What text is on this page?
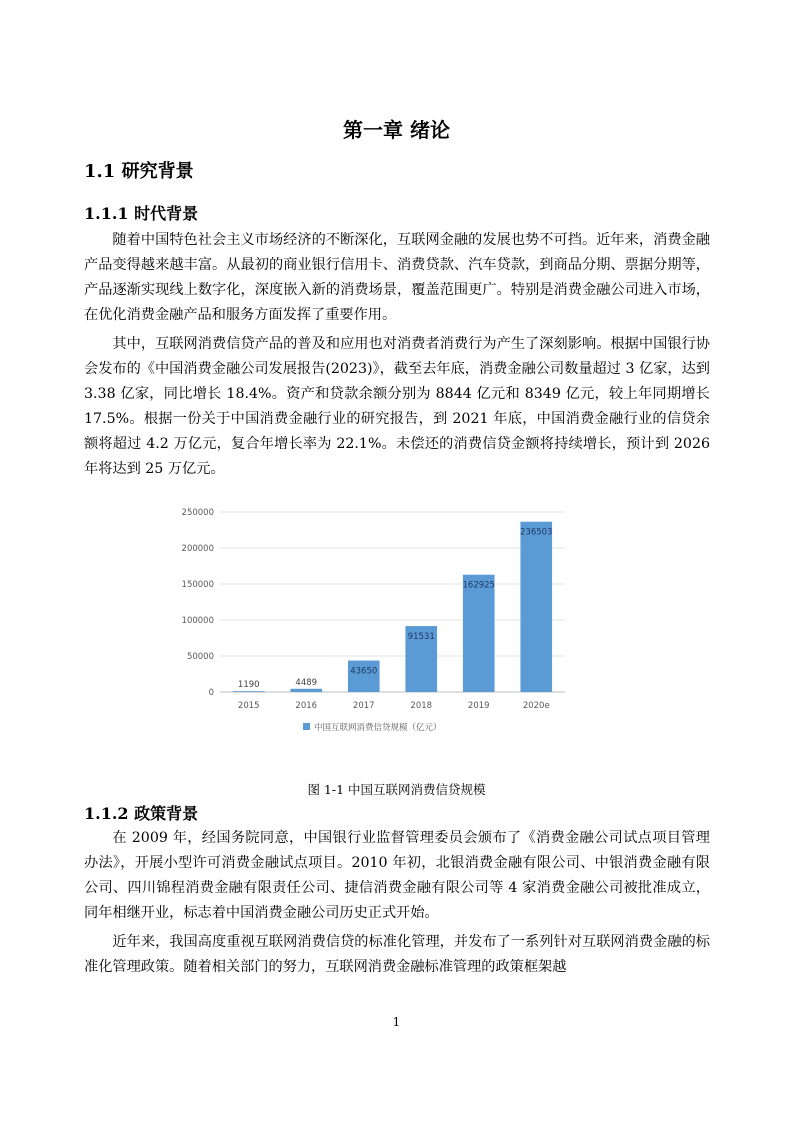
第一章 绪论
1.1 研究背景
1.1.1 时代背景

随着中国特色社会主义市场经济的不断深化，互联网金融的发展也势不可挡。近年来，消费金融产品变得越来越丰富。从最初的商业银行信用卡、消费贷款、汽车贷款，到商品分期、票据分期等，产品逐渐实现线上数字化，深度嵌入新的消费场景，覆盖范围更广。特别是消费金融公司进入市场，在优化消费金融产品和服务方面发挥了重要作用。

其中，互联网消费信贷产品的普及和应用也对消费者消费行为产生了深刻影响。根据中国银行协会发布的《中国消费金融公司发展报告(2023)》，截至去年底，消费金融公司数量超过 3 亿家，达到 3.38 亿家，同比增长 18.4%。资产和贷款余额分别为 8844 亿元和 8349 亿元，较上年同期增长 17.5%。根据一份关于中国消费金融行业的研究报告，到 2021 年底，中国消费金融行业的信贷余额将超过 4.2 万亿元，复合年增长率为 22.1%。未偿还的消费信贷金额将持续增长，预计到 2026 年将达到 25 万亿元。

0
50000
100000
150000
200000
250000
1190	4489
43650
91531
162925
236503
2015	2016	2017	2018	2019	2020e
中国互联网消费信贷规模（亿元）

图 1-1 中国互联网消费信贷规模

1.1.2 政策背景

在 2009 年，经国务院同意，中国银行业监督管理委员会颁布了《消费金融公司试点项目管理办法》，开展小型许可消费金融试点项目。2010 年初，北银消费金融有限公司、中银消费金融有限公司、四川锦程消费金融有限责任公司、捷信消费金融有限公司等 4 家消费金融公司被批准成立，同年相继开业，标志着中国消费金融公司历史正式开始。

近年来，我国高度重视互联网消费信贷的标准化管理，并发布了一系列针对互联网消费金融的标准化管理政策。随着相关部门的努力，互联网消费金融标准管理的政策框架越

1
